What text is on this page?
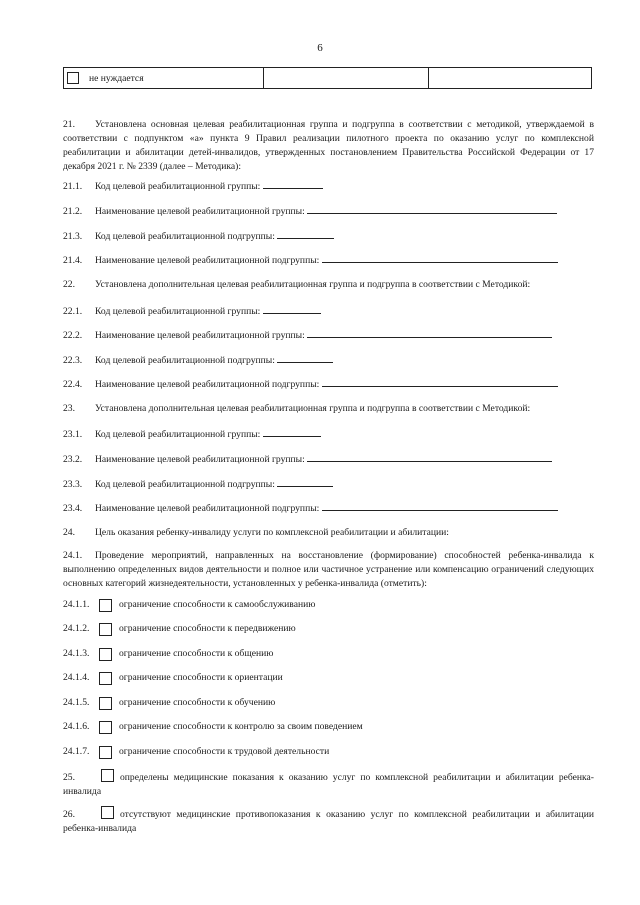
6
не нуждается
21. Установлена основная целевая реабилитационная группа и подгруппа в соответствии с методикой, утверждаемой в соответствии с подпунктом «а» пункта 9 Правил реализации пилотного проекта по оказанию услуг по комплексной реабилитации и абилитации детей-инвалидов, утвержденных постановлением Правительства Российской Федерации от 17 декабря 2021 г. № 2339 (далее – Методика):
21.1. Код целевой реабилитационной группы:
21.2. Наименование целевой реабилитационной группы:
21.3. Код целевой реабилитационной подгруппы:
21.4. Наименование целевой реабилитационной подгруппы:
22. Установлена дополнительная целевая реабилитационная группа и подгруппа в соответствии с Методикой:
22.1. Код целевой реабилитационной группы:
22.2. Наименование целевой реабилитационной группы:
22.3. Код целевой реабилитационной подгруппы:
22.4. Наименование целевой реабилитационной подгруппы:
23. Установлена дополнительная целевая реабилитационная группа и подгруппа в соответствии с Методикой:
23.1. Код целевой реабилитационной группы:
23.2. Наименование целевой реабилитационной группы:
23.3. Код целевой реабилитационной подгруппы:
23.4. Наименование целевой реабилитационной подгруппы:
24. Цель оказания ребенку-инвалиду услуги по комплексной реабилитации и абилитации:
24.1. Проведение мероприятий, направленных на восстановление (формирование) способностей ребенка-инвалида к выполнению определенных видов деятельности и полное или частичное устранение или компенсацию ограничений следующих основных категорий жизнедеятельности, установленных у ребенка-инвалида (отметить):
24.1.1.	ограничение способности к самообслуживанию
24.1.2.	ограничение способности к передвижению
24.1.3.	ограничение способности к общению
24.1.4.	ограничение способности к ориентации
24.1.5.	ограничение способности к обучению
24.1.6.	ограничение способности к контролю за своим поведением
24.1.7.	ограничение способности к трудовой деятельности
25.	определены медицинские показания к оказанию услуг по комплексной реабилитации и абилитации ребенка-инвалида
26.	отсутствуют медицинские противопоказания к оказанию услуг по комплексной реабилитации и абилитации ребенка-инвалида
